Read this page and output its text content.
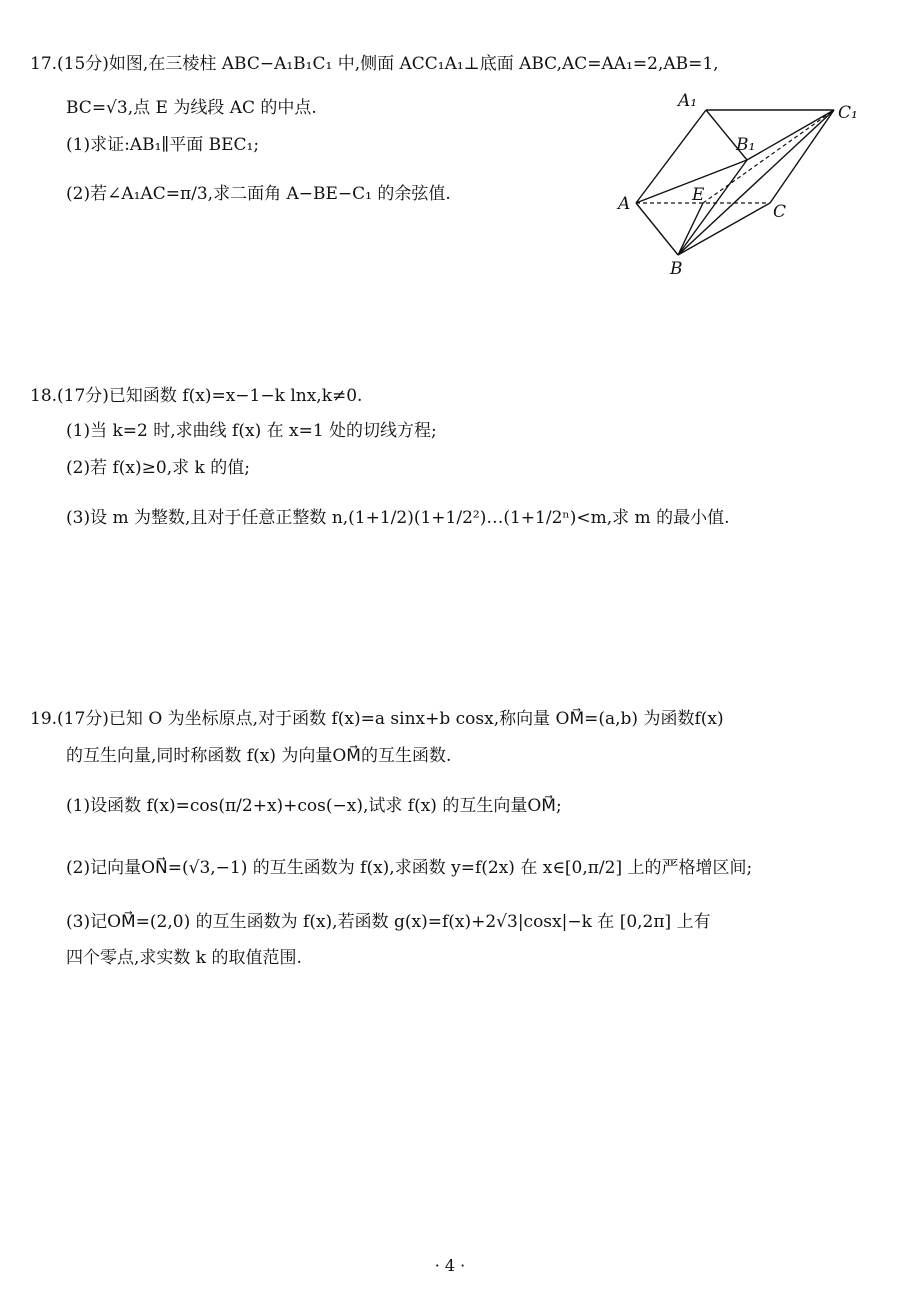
17.(15分)如图,在三棱柱 ABC−A₁B₁C₁ 中,侧面 ACC₁A₁⊥底面 ABC,AC=AA₁=2,AB=1,
BC=√3,点 E 为线段 AC 的中点.
(1)求证:AB₁∥平面 BEC₁;
(2)若∠A₁AC=π/3,求二面角 A−BE−C₁ 的余弦值.
A₁
C₁
B₁
A	E
C
B
18.(17分)已知函数 f(x)=x−1−k lnx,k≠0.
(1)当 k=2 时,求曲线 f(x) 在 x=1 处的切线方程;
(2)若 f(x)≥0,求 k 的值;
(3)设 m 为整数,且对于任意正整数 n,(1+1/2)(1+1/2²)…(1+1/2ⁿ)<m,求 m 的最小值.
19.(17分)已知 O 为坐标原点,对于函数 f(x)=a sinx+b cosx,称向量 OM⃗=(a,b) 为函数f(x)
的互生向量,同时称函数 f(x) 为向量OM⃗的互生函数.
(1)设函数 f(x)=cos(π/2+x)+cos(−x),试求 f(x) 的互生向量OM⃗;
(2)记向量ON⃗=(√3,−1) 的互生函数为 f(x),求函数 y=f(2x) 在 x∈[0,π/2] 上的严格增区间;
(3)记OM⃗=(2,0) 的互生函数为 f(x),若函数 g(x)=f(x)+2√3|cosx|−k 在 [0,2π] 上有
四个零点,求实数 k 的取值范围.
· 4 ·
